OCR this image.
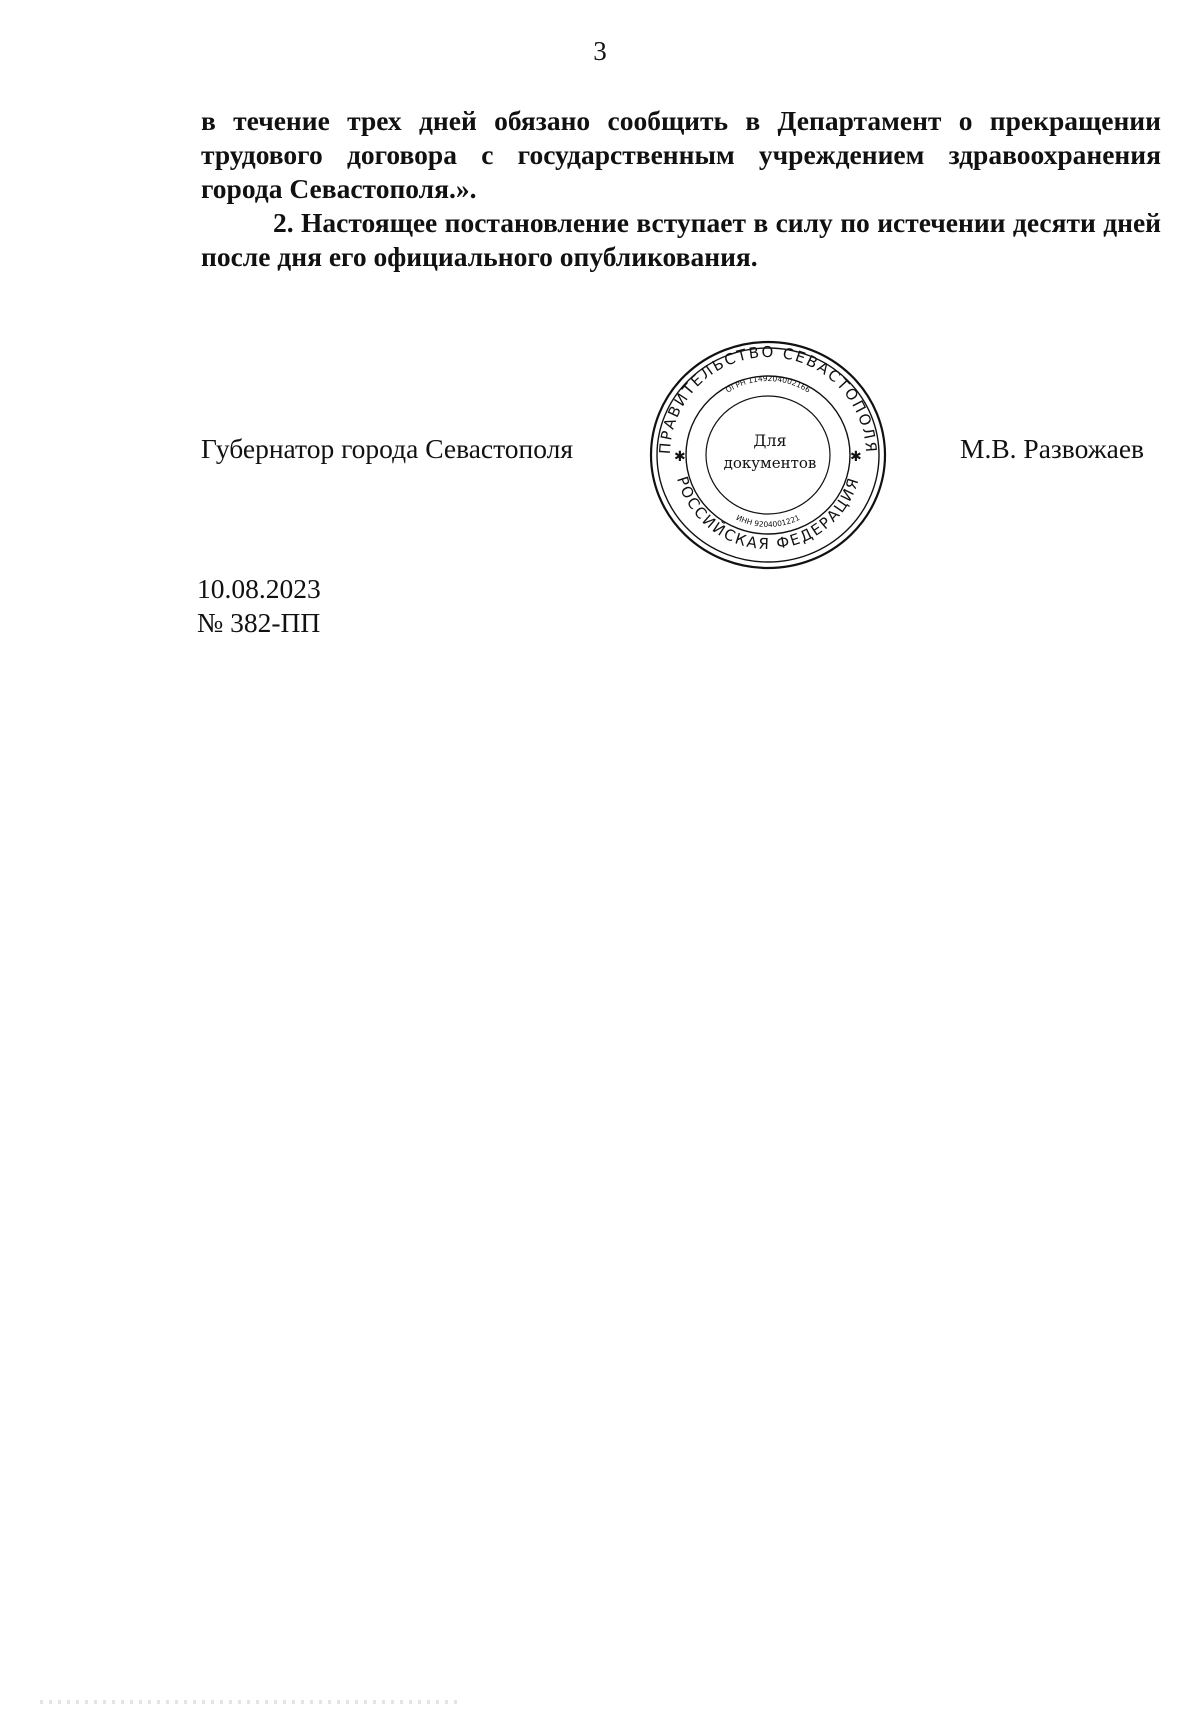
3

в течение трех дней обязано сообщить в Департамент о прекращении трудового договора с государственным учреждением здравоохранения города Севастополя.».

2. Настоящее постановление вступает в силу по истечении десяти дней после дня его официального опубликования.

Губернатор города Севастополя	ПРАВИТЕЛЬСТВО СЕВАСТОПОЛЯ
РОССИЙСКАЯ ФЕДЕРАЦИЯ
ОГРН 1149204002166
ИНН 9204001221
✱	✱
Для
документов	М.В. Развожаев
10.08.2023
№ 382-ПП
